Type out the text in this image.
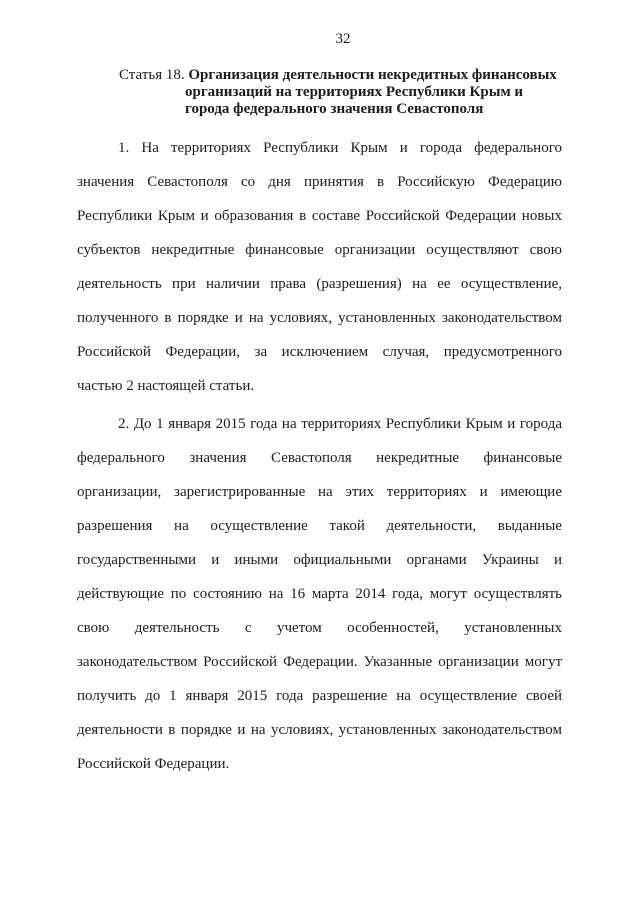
32
Статья 18. Организация деятельности некредитных финансовых
организаций на территориях Республики Крым и
города федерального значения Севастополя
1. На территориях Республики Крым и города федерального
значения Севастополя со дня принятия в Российскую Федерацию
Республики Крым и образования в составе Российской Федерации новых
субъектов некредитные финансовые организации осуществляют свою
деятельность при наличии права (разрешения) на ее осуществление,
полученного в порядке и на условиях, установленных законодательством
Российской Федерации, за исключением случая, предусмотренного
частью 2 настоящей статьи.
2. До 1 января 2015 года на территориях Республики Крым и города
федерального значения Севастополя некредитные финансовые
организации, зарегистрированные на этих территориях и имеющие
разрешения на осуществление такой деятельности, выданные
государственными и иными официальными органами Украины и
действующие по состоянию на 16 марта 2014 года, могут осуществлять
свою деятельность с учетом особенностей, установленных
законодательством Российской Федерации. Указанные организации могут
получить до 1 января 2015 года разрешение на осуществление своей
деятельности в порядке и на условиях, установленных законодательством
Российской Федерации.
